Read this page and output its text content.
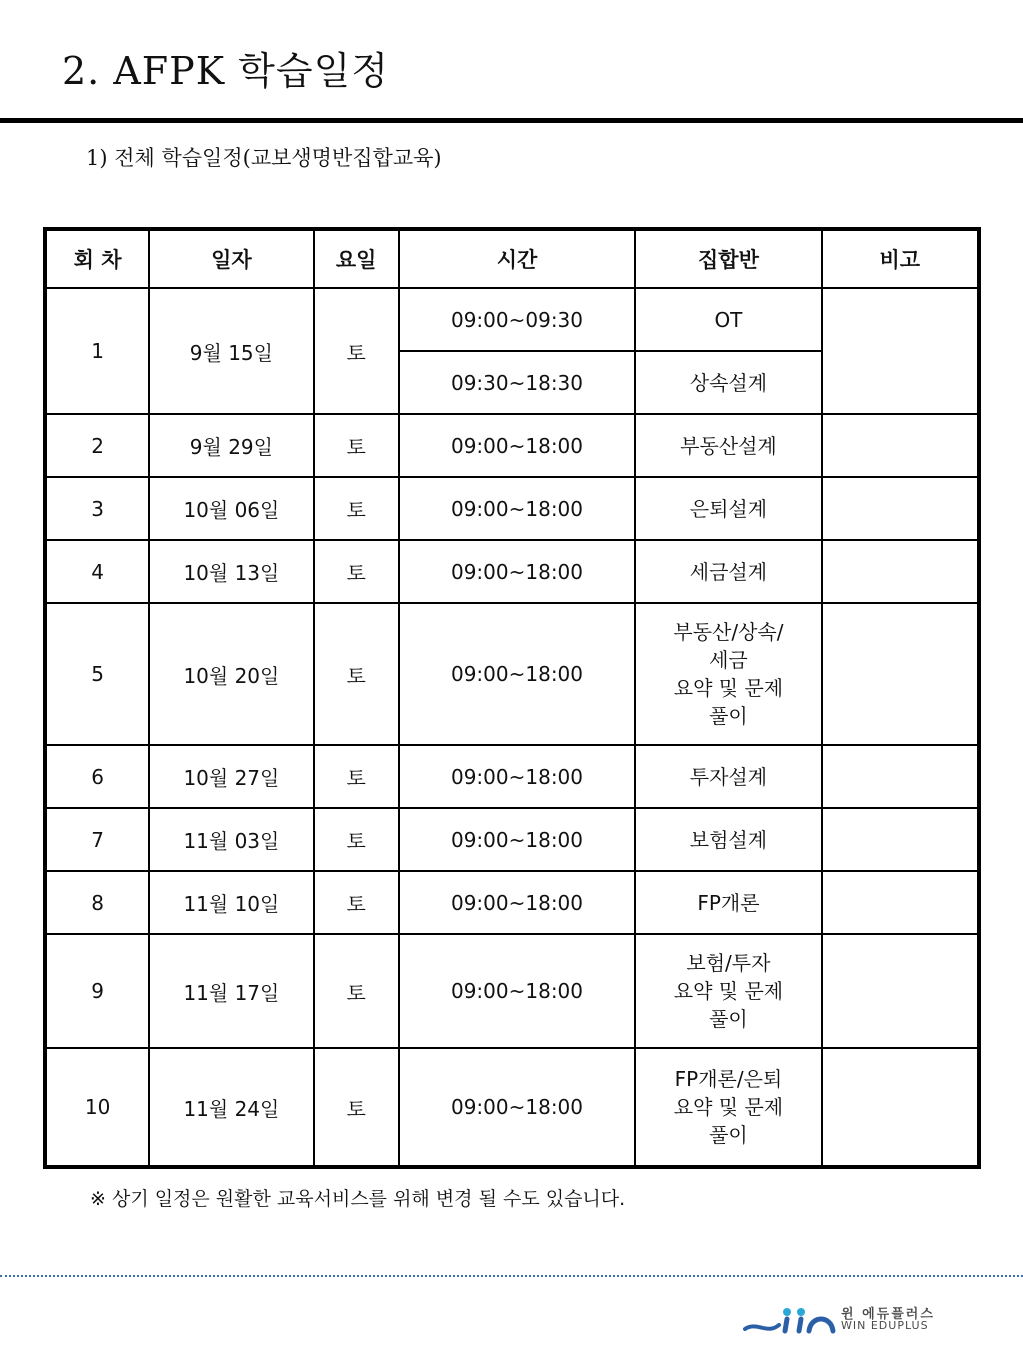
2. AFPK 학습일정
1) 전체 학습일정(교보생명반집합교육)
회 차	일자	요일	시간	집합반	비고
1	9월 15일	토	09:00~09:30	OT	

			09:30~18:30	상속설계	

2	9월 29일	토	09:00~18:00	부동산설계	

3	10월 06일	토	09:00~18:00	은퇴설계	

4	10월 13일	토	09:00~18:00	세금설계	

5	10월 20일	토	09:00~18:00	부동산/상속/
세금
요약 및 문제
풀이	

6	10월 27일	토	09:00~18:00	투자설계	

7	11월 03일	토	09:00~18:00	보험설계	

8	11월 10일	토	09:00~18:00	FP개론	

9	11월 17일	토	09:00~18:00	보험/투자
요약 및 문제
풀이	

10	11월 24일	토	09:00~18:00	FP개론/은퇴
요약 및 문제
풀이	

※ 상기 일정은 원활한 교육서비스를 위해 변경 될 수도 있습니다.
윈 에듀플러스
WIN EDUPLUS
